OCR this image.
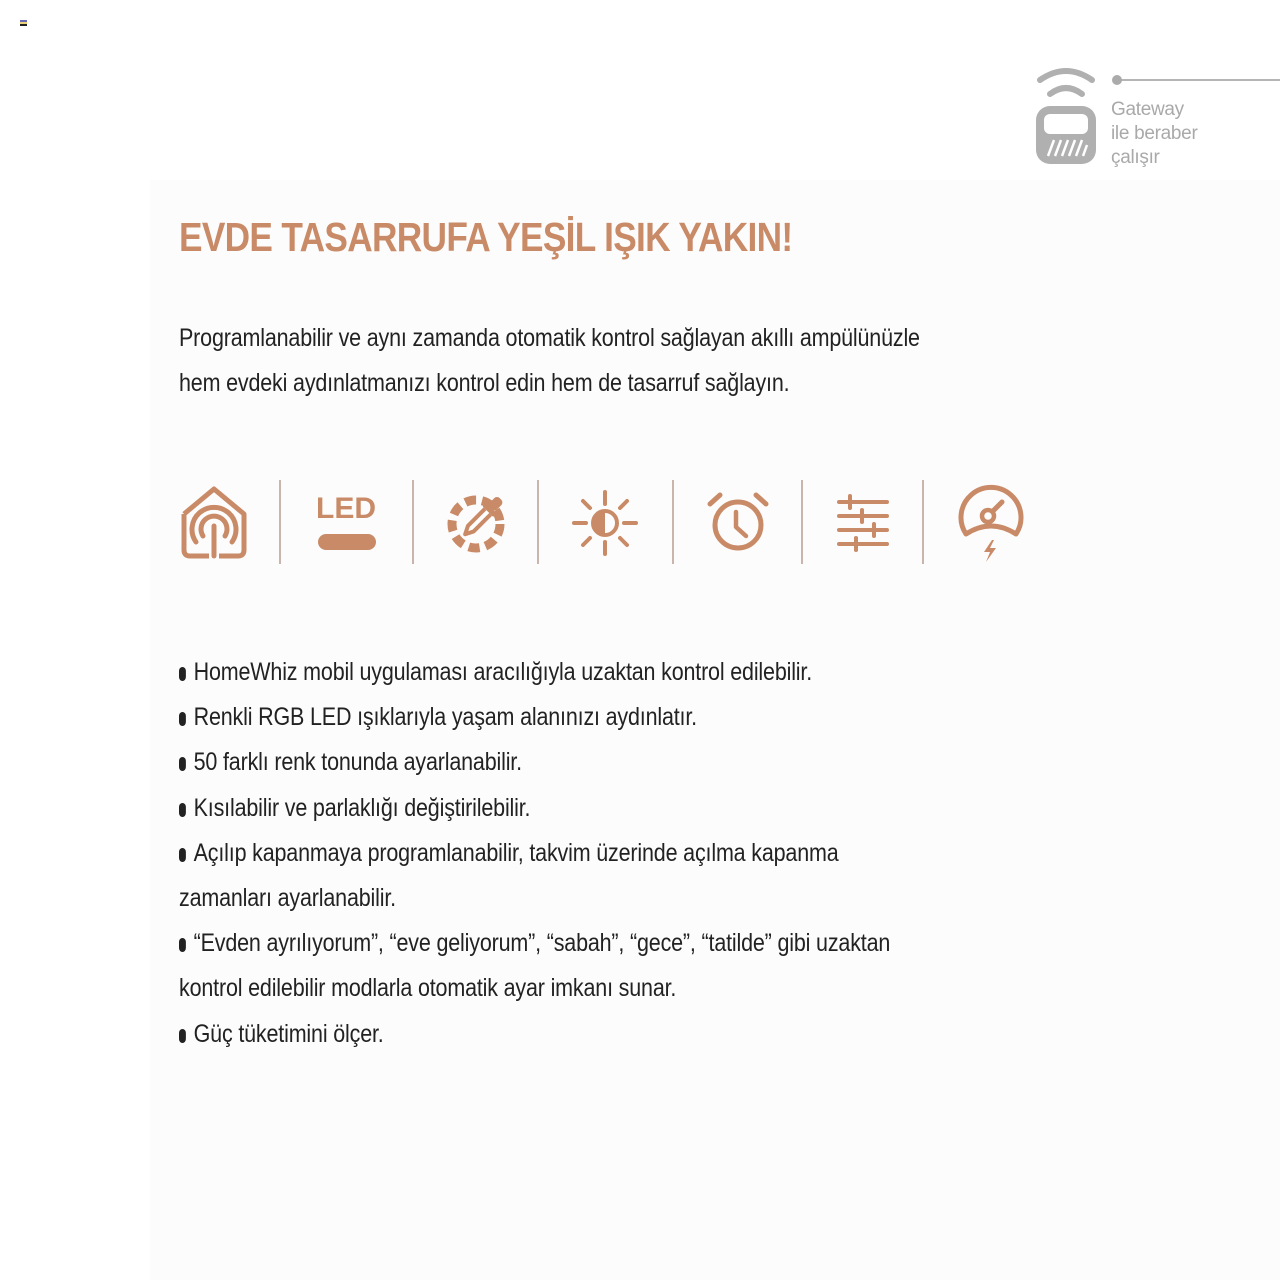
Gateway
ile beraber
çalışır
EVDE TASARRUFA YEŞİL IŞIK YAKIN!
Programlanabilir ve aynı zamanda otomatik kontrol sağlayan akıllı ampülünüzle
hem evdeki aydınlatmanızı kontrol edin hem de tasarruf sağlayın.
LED
HomeWhiz mobil uygulaması aracılığıyla uzaktan kontrol edilebilir.
Renkli RGB LED ışıklarıyla yaşam alanınızı aydınlatır.
50 farklı renk tonunda ayarlanabilir.
Kısılabilir ve parlaklığı değiştirilebilir.
Açılıp kapanmaya programlanabilir, takvim üzerinde açılma kapanma
zamanları ayarlanabilir.
“Evden ayrılıyorum”, “eve geliyorum”, “sabah”, “gece”, “tatilde” gibi uzaktan
kontrol edilebilir modlarla otomatik ayar imkanı sunar.
Güç tüketimini ölçer.
